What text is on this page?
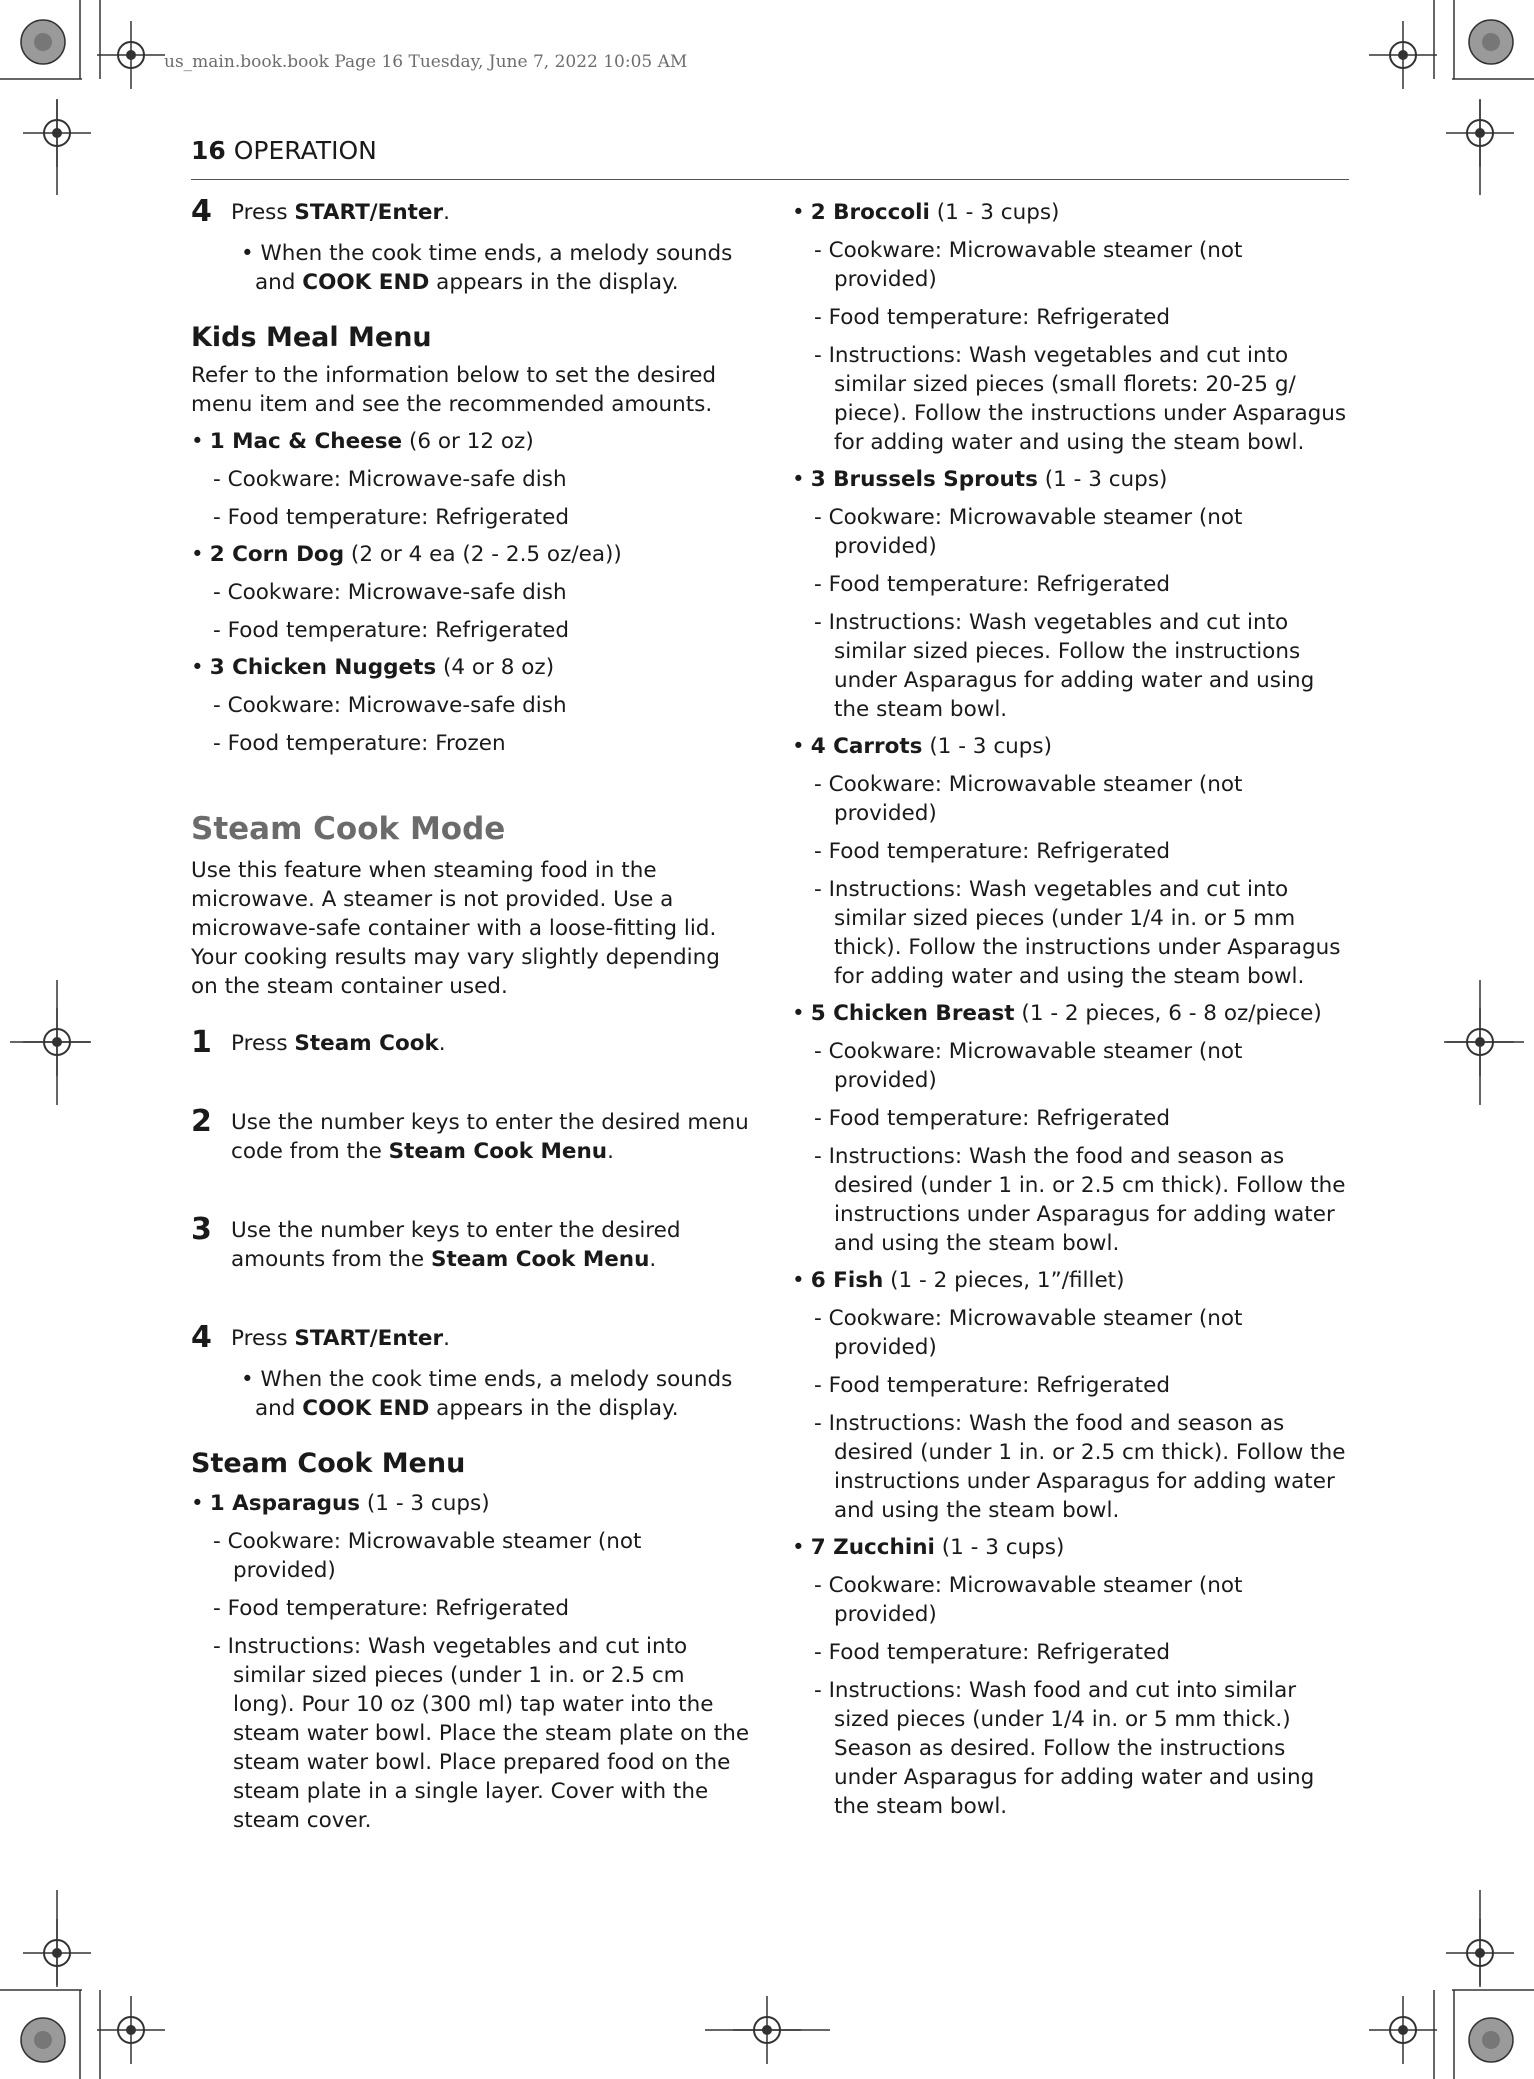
us_main.book.book Page 16 Tuesday, June 7, 2022 10:05 AM
16 OPERATION
4 Press START/Enter.
• When the cook time ends, a melody sounds and COOK END appears in the display.
Kids Meal Menu

Refer to the information below to set the desired menu item and see the recommended amounts.

• 1 Mac & Cheese (6 or 12 oz)
- Cookware: Microwave-safe dish
- Food temperature: Refrigerated
• 2 Corn Dog (2 or 4 ea (2 - 2.5 oz/ea))
- Cookware: Microwave-safe dish
- Food temperature: Refrigerated
• 3 Chicken Nuggets (4 or 8 oz)
- Cookware: Microwave-safe dish
- Food temperature: Frozen
Steam Cook Mode

Use this feature when steaming food in the microwave. A steamer is not provided. Use a microwave-safe container with a loose-fitting lid. Your cooking results may vary slightly depending on the steam container used.

1 Press Steam Cook.
2 Use the number keys to enter the desired menu code from the Steam Cook Menu.
3 Use the number keys to enter the desired amounts from the Steam Cook Menu.
4 Press START/Enter.
• When the cook time ends, a melody sounds and COOK END appears in the display.
Steam Cook Menu
• 1 Asparagus (1 - 3 cups)
- Cookware: Microwavable steamer (not provided)
- Food temperature: Refrigerated
- Instructions: Wash vegetables and cut into similar sized pieces (under 1 in. or 2.5 cm long). Pour 10 oz (300 ml) tap water into the steam water bowl. Place the steam plate on the steam water bowl. Place prepared food on the steam plate in a single layer. Cover with the steam cover.
• 2 Broccoli (1 - 3 cups)
- Cookware: Microwavable steamer (not provided)
- Food temperature: Refrigerated
- Instructions: Wash vegetables and cut into similar sized pieces (small florets: 20-25 g/ piece). Follow the instructions under Asparagus for adding water and using the steam bowl.
• 3 Brussels Sprouts (1 - 3 cups)
- Cookware: Microwavable steamer (not provided)
- Food temperature: Refrigerated
- Instructions: Wash vegetables and cut into similar sized pieces. Follow the instructions under Asparagus for adding water and using the steam bowl.
• 4 Carrots (1 - 3 cups)
- Cookware: Microwavable steamer (not provided)
- Food temperature: Refrigerated
- Instructions: Wash vegetables and cut into similar sized pieces (under 1/4 in. or 5 mm thick). Follow the instructions under Asparagus for adding water and using the steam bowl.
• 5 Chicken Breast (1 - 2 pieces, 6 - 8 oz/piece)
- Cookware: Microwavable steamer (not provided)
- Food temperature: Refrigerated
- Instructions: Wash the food and season as desired (under 1 in. or 2.5 cm thick). Follow the instructions under Asparagus for adding water and using the steam bowl.
• 6 Fish (1 - 2 pieces, 1”/fillet)
- Cookware: Microwavable steamer (not provided)
- Food temperature: Refrigerated
- Instructions: Wash the food and season as desired (under 1 in. or 2.5 cm thick). Follow the instructions under Asparagus for adding water and using the steam bowl.
• 7 Zucchini (1 - 3 cups)
- Cookware: Microwavable steamer (not provided)
- Food temperature: Refrigerated
- Instructions: Wash food and cut into similar sized pieces (under 1/4 in. or 5 mm thick.) Season as desired. Follow the instructions under Asparagus for adding water and using the steam bowl.
